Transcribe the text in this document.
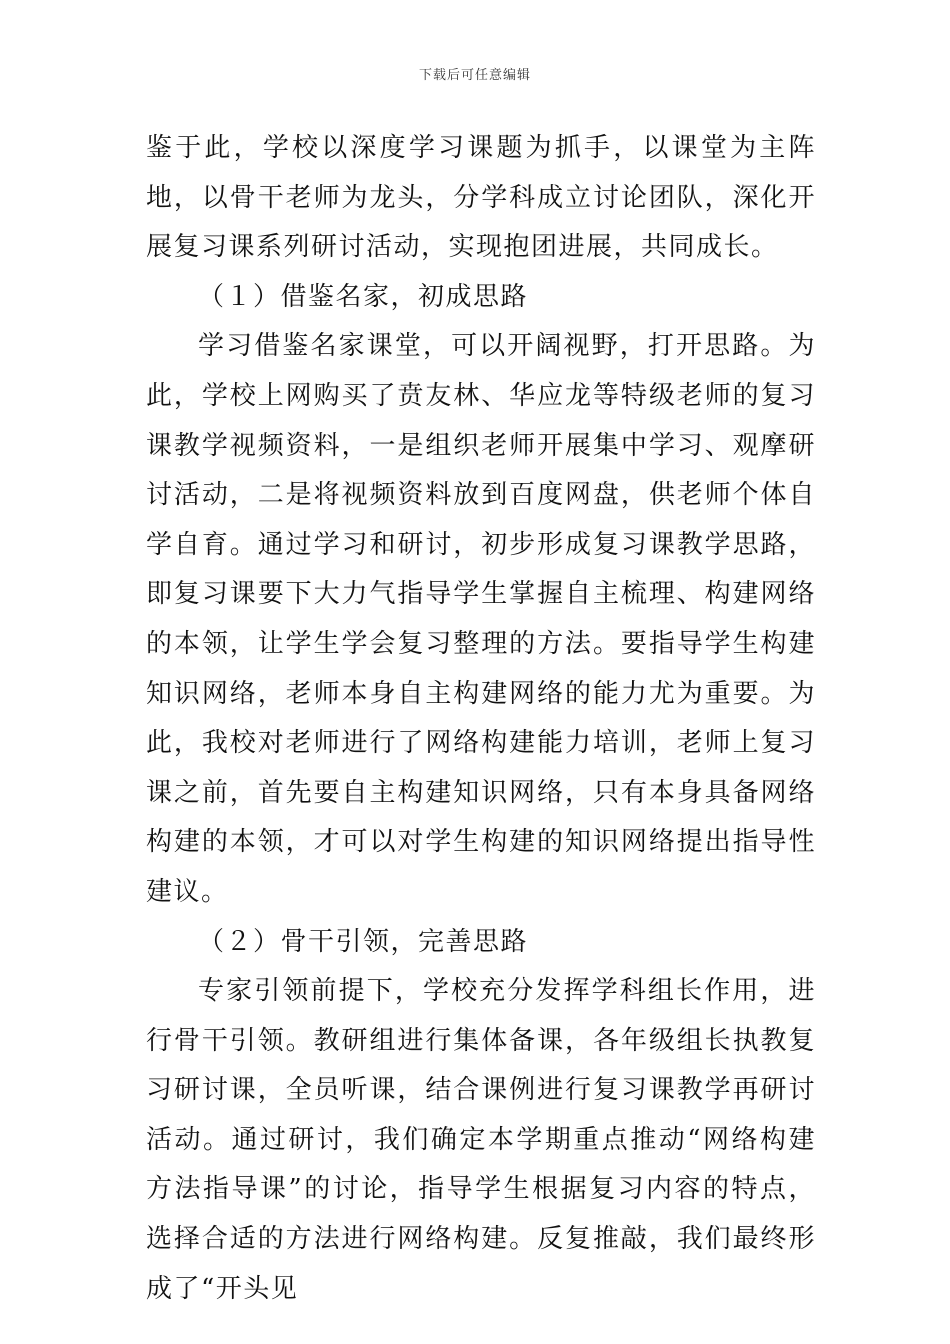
下载后可任意编辑

鉴于此，学校以深度学习课题为抓手，以课堂为主阵地，以骨干老师为龙头，分学科成立讨论团队，深化开展复习课系列研讨活动，实现抱团进展，共同成长。

（１）借鉴名家，初成思路

学习借鉴名家课堂，可以开阔视野，打开思路。为此，学校上网购买了贲友林、华应龙等特级老师的复习课教学视频资料，一是组织老师开展集中学习、观摩研讨活动，二是将视频资料放到百度网盘，供老师个体自学自育。通过学习和研讨，初步形成复习课教学思路，即复习课要下大力气指导学生掌握自主梳理、构建网络的本领，让学生学会复习整理的方法。要指导学生构建知识网络，老师本身自主构建网络的能力尤为重要。为此，我校对老师进行了网络构建能力培训，老师上复习课之前，首先要自主构建知识网络，只有本身具备网络构建的本领，才可以对学生构建的知识网络提出指导性建议。

（２）骨干引领，完善思路

专家引领前提下，学校充分发挥学科组长作用，进行骨干引领。教研组进行集体备课，各年级组长执教复习研讨课，全员听课，结合课例进行复习课教学再研讨活动。通过研讨，我们确定本学期重点推动“网络构建方法指导课”的讨论，指导学生根据复习内容的特点，选择合适的方法进行网络构建。反复推敲，我们最终形成了“开头见
